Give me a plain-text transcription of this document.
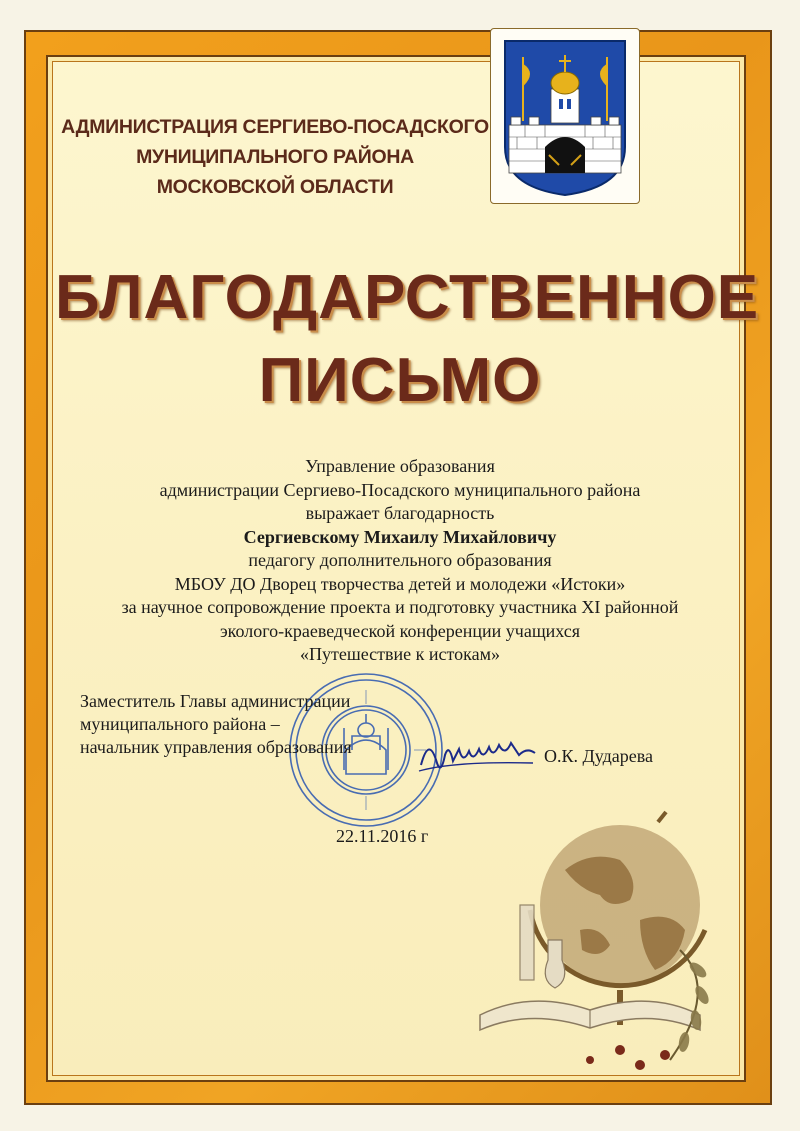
АДМИНИСТРАЦИЯ СЕРГИЕВО-ПОСАДСКОГО
МУНИЦИПАЛЬНОГО РАЙОНА
МОСКОВСКОЙ ОБЛАСТИ
БЛАГОДАРСТВЕННОЕ
ПИСЬМО
Управление образования
администрации Сергиево-Посадского муниципального района
выражает благодарность
Сергиевскому Михаилу Михайловичу
педагогу дополнительного образования
МБОУ ДО Дворец творчества детей и молодежи «Истоки»
за научное сопровождение проекта и подготовку участника XI районной
эколого-краеведческой конференции учащихся
«Путешествие к истокам»
Заместитель Главы администрации
муниципального района –
начальник управления образования	О.К. Дударева
22.11.2016 г
